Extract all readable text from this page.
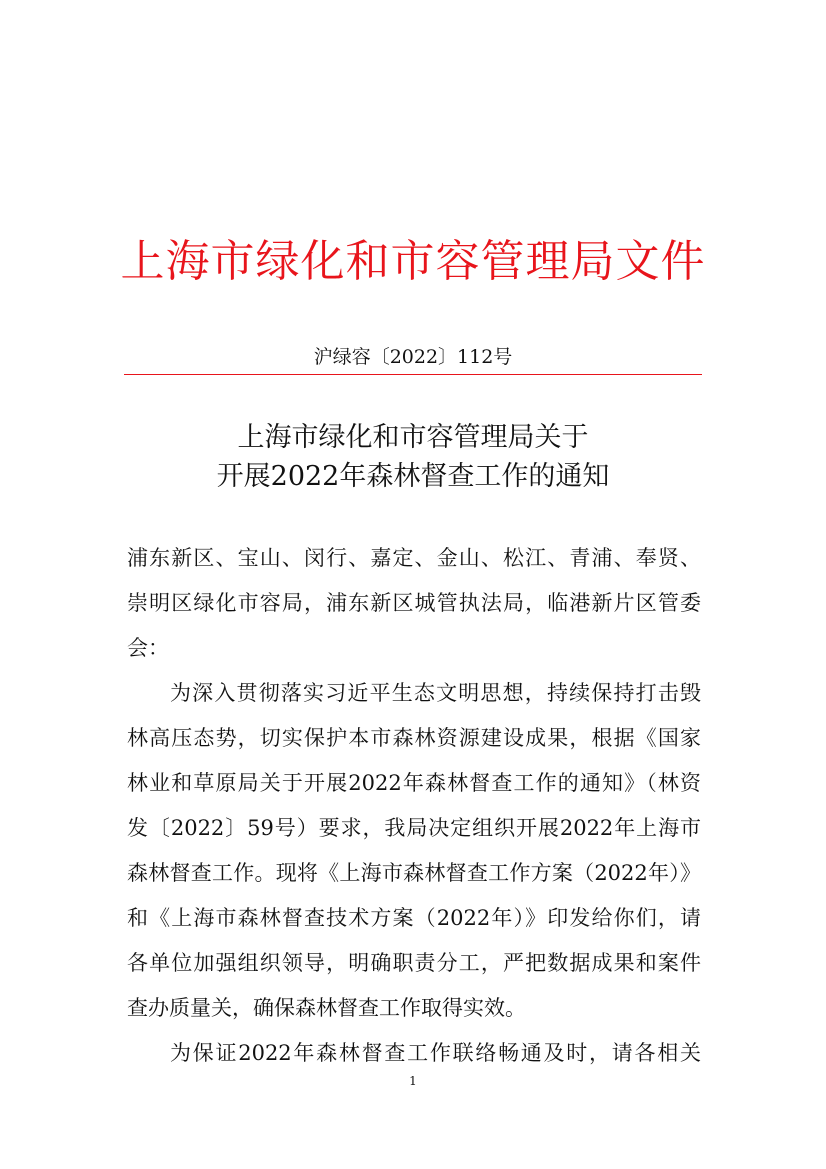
上海市绿化和市容管理局文件
沪绿容〔2022〕112号
上海市绿化和市容管理局关于
开展2022年森林督查工作的通知
浦东新区、宝山、闵行、嘉定、金山、松江、青浦、奉贤、
崇明区绿化市容局，浦东新区城管执法局，临港新片区管委
会：
为深入贯彻落实习近平生态文明思想，持续保持打击毁
林高压态势，切实保护本市森林资源建设成果，根据《国家
林业和草原局关于开展2022年森林督查工作的通知》（林资
发〔2022〕59号）要求，我局决定组织开展2022年上海市
森林督查工作。现将《上海市森林督查工作方案（2022年）》
和《上海市森林督查技术方案（2022年）》印发给你们，请
各单位加强组织领导，明确职责分工，严把数据成果和案件
查办质量关，确保森林督查工作取得实效。
为保证2022年森林督查工作联络畅通及时，请各相关
1
